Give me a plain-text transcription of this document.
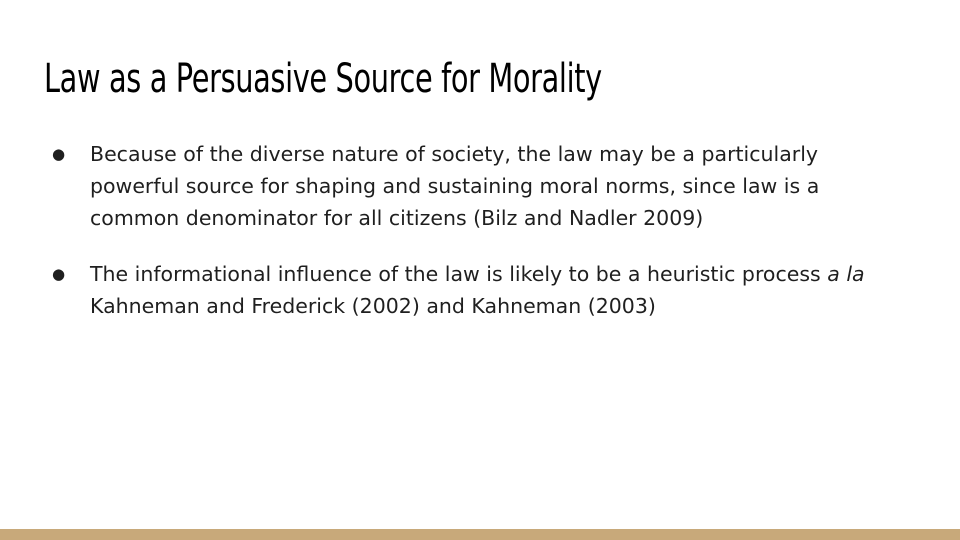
Law as a Persuasive Source for Morality
● Because of the diverse nature of society, the law may be a particularly powerful source for shaping and sustaining moral norms, since law is a common denominator for all citizens (Bilz and Nadler 2009)
● The informational influence of the law is likely to be a heuristic process a la Kahneman and Frederick (2002) and Kahneman (2003)
